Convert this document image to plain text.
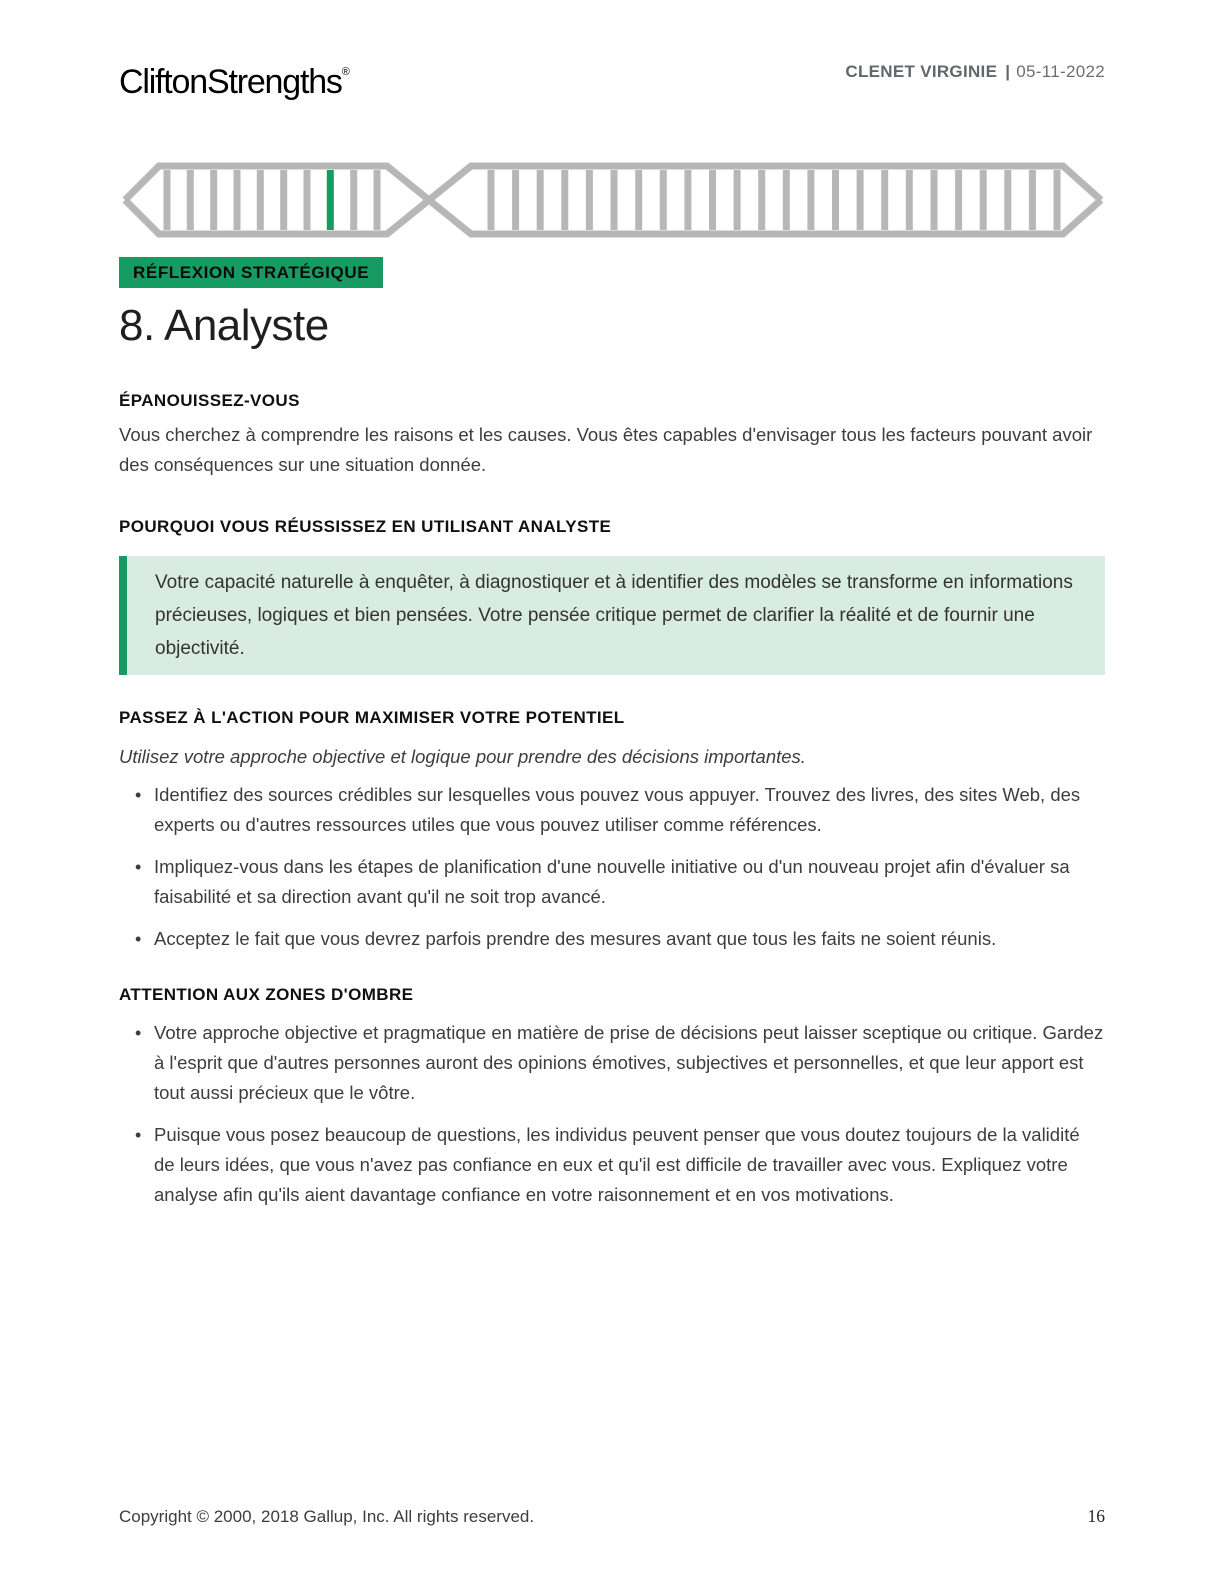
CliftonStrengths®	CLENET VIRGINIE | 05-11-2022
RÉFLEXION STRATÉGIQUE
8. Analyste
ÉPANOUISSEZ-VOUS

Vous cherchez à comprendre les raisons et les causes. Vous êtes capables d'envisager tous les facteurs pouvant avoir des conséquences sur une situation donnée.

POURQUOI VOUS RÉUSSISSEZ EN UTILISANT ANALYSTE

Votre capacité naturelle à enquêter, à diagnostiquer et à identifier des modèles se transforme en informations précieuses, logiques et bien pensées. Votre pensée critique permet de clarifier la réalité et de fournir une objectivité.

PASSEZ À L'ACTION POUR MAXIMISER VOTRE POTENTIEL

Utilisez votre approche objective et logique pour prendre des décisions importantes.

• Identifiez des sources crédibles sur lesquelles vous pouvez vous appuyer. Trouvez des livres, des sites Web, des experts ou d'autres ressources utiles que vous pouvez utiliser comme références.
• Impliquez-vous dans les étapes de planification d'une nouvelle initiative ou d'un nouveau projet afin d'évaluer sa faisabilité et sa direction avant qu'il ne soit trop avancé.
• Acceptez le fait que vous devrez parfois prendre des mesures avant que tous les faits ne soient réunis.
ATTENTION AUX ZONES D'OMBRE
• Votre approche objective et pragmatique en matière de prise de décisions peut laisser sceptique ou critique. Gardez à l'esprit que d'autres personnes auront des opinions émotives, subjectives et personnelles, et que leur apport est tout aussi précieux que le vôtre.
• Puisque vous posez beaucoup de questions, les individus peuvent penser que vous doutez toujours de la validité de leurs idées, que vous n'avez pas confiance en eux et qu'il est difficile de travailler avec vous. Expliquez votre analyse afin qu'ils aient davantage confiance en votre raisonnement et en vos motivations.
Copyright © 2000, 2018 Gallup, Inc. All rights reserved.	16
